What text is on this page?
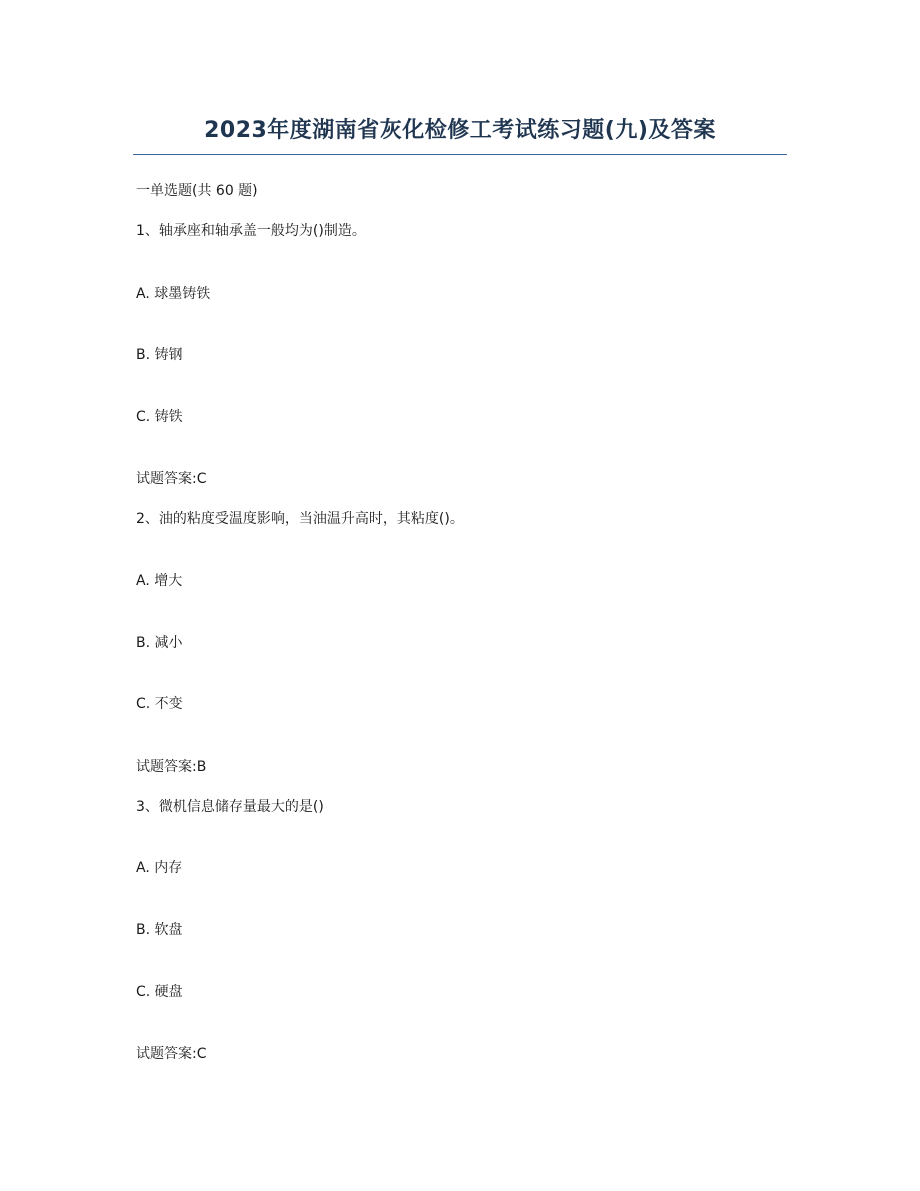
2023年度湖南省灰化检修工考试练习题(九)及答案
一单选题(共 60 题)
1、轴承座和轴承盖一般均为()制造。
A. 球墨铸铁
B. 铸钢
C. 铸铁
试题答案:C
2、油的粘度受温度影响，当油温升高时，其粘度()。
A. 增大
B. 减小
C. 不变
试题答案:B
3、微机信息储存量最大的是()
A. 内存
B. 软盘
C. 硬盘
试题答案:C
